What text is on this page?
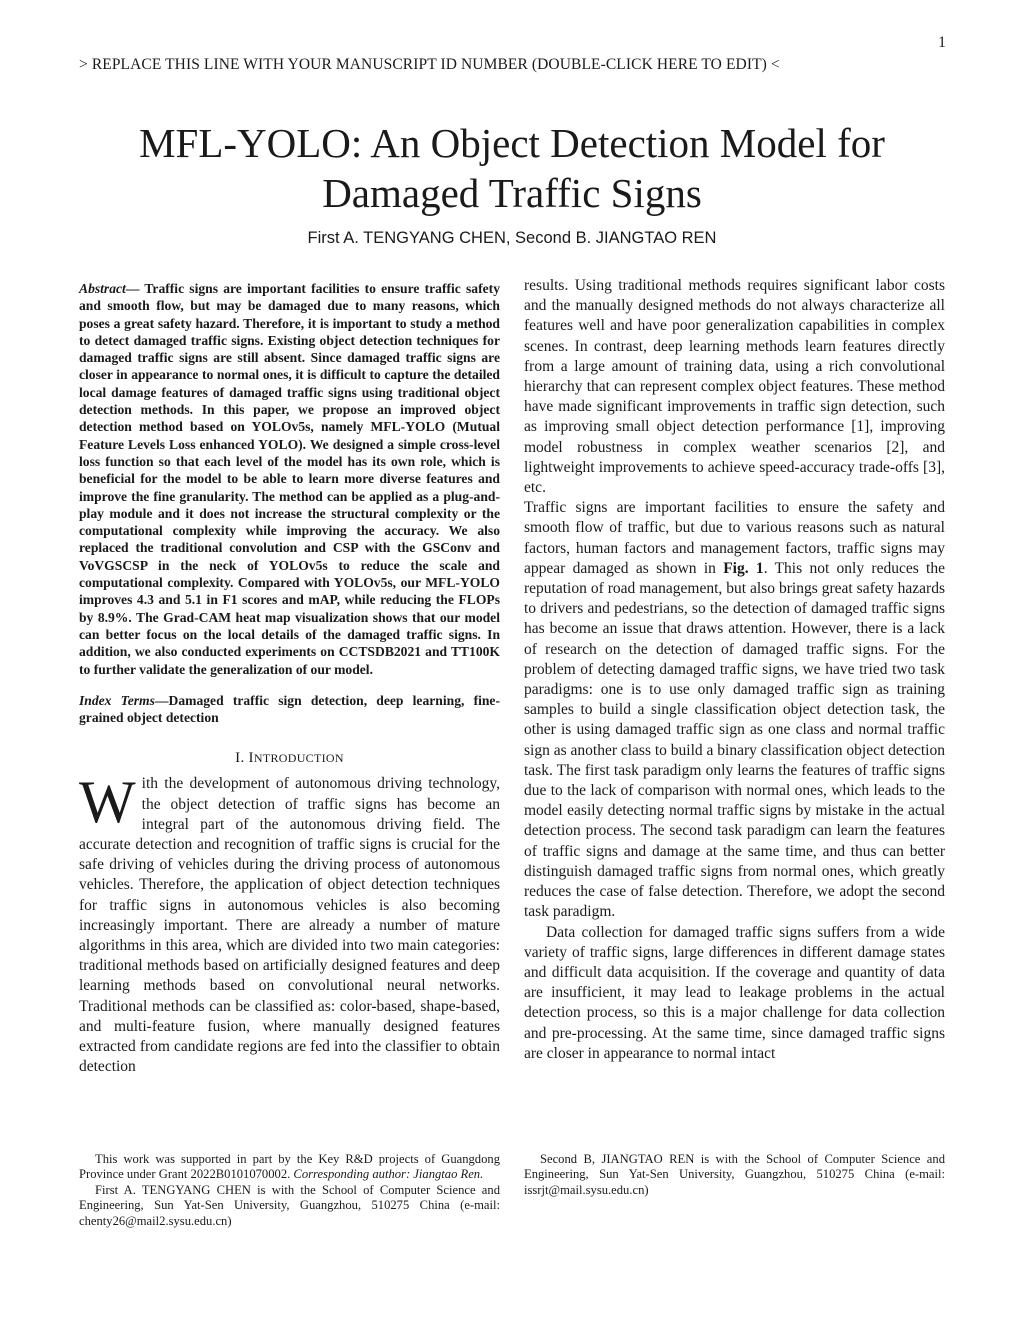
1
> REPLACE THIS LINE WITH YOUR MANUSCRIPT ID NUMBER (DOUBLE-CLICK HERE TO EDIT) <
MFL-YOLO: An Object Detection Model for
Damaged Traffic Signs
First A. TENGYANG CHEN, Second B. JIANGTAO REN

Abstract— Traffic signs are important facilities to ensure traffic safety and smooth flow, but may be damaged due to many reasons, which poses a great safety hazard. Therefore, it is important to study a method to detect damaged traffic signs. Existing object detection techniques for damaged traffic signs are still absent. Since damaged traffic signs are closer in appearance to normal ones, it is difficult to capture the detailed local damage features of damaged traffic signs using traditional object detection methods. In this paper, we propose an improved object detection method based on YOLOv5s, namely MFL-YOLO (Mutual Feature Levels Loss enhanced YOLO). We designed a simple cross-level loss function so that each level of the model has its own role, which is beneficial for the model to be able to learn more diverse features and improve the fine granularity. The method can be applied as a plug-and-play module and it does not increase the structural complexity or the computational complexity while improving the accuracy. We also replaced the traditional convolution and CSP with the GSConv and VoVGSCSP in the neck of YOLOv5s to reduce the scale and computational complexity. Compared with YOLOv5s, our MFL-YOLO improves 4.3 and 5.1 in F1 scores and mAP, while reducing the FLOPs by 8.9%. The Grad-CAM heat map visualization shows that our model can better focus on the local details of the damaged traffic signs. In addition, we also conducted experiments on CCTSDB2021 and TT100K to further validate the generalization of our model.

Index Terms—Damaged traffic sign detection, deep learning, fine-grained object detection

I. INTRODUCTION

With the development of autonomous driving technology, the object detection of traffic signs has become an integral part of the autonomous driving field. The accurate detection and recognition of traffic signs is crucial for the safe driving of vehicles during the driving process of autonomous vehicles. Therefore, the application of object detection techniques for traffic signs in autonomous vehicles is also becoming increasingly important. There are already a number of mature algorithms in this area, which are divided into two main categories: traditional methods based on artificially designed features and deep learning methods based on convolutional neural networks. Traditional methods can be classified as: color-based, shape-based, and multi-feature fusion, where manually designed features extracted from candidate regions are fed into the classifier to obtain detection

results. Using traditional methods requires significant labor costs and the manually designed methods do not always characterize all features well and have poor generalization capabilities in complex scenes. In contrast, deep learning methods learn features directly from a large amount of training data, using a rich convolutional hierarchy that can represent complex object features. These method have made significant improvements in traffic sign detection, such as improving small object detection performance [1], improving model robustness in complex weather scenarios [2], and lightweight improvements to achieve speed-accuracy trade-offs [3], etc.

Traffic signs are important facilities to ensure the safety and smooth flow of traffic, but due to various reasons such as natural factors, human factors and management factors, traffic signs may appear damaged as shown in Fig. 1. This not only reduces the reputation of road management, but also brings great safety hazards to drivers and pedestrians, so the detection of damaged traffic signs has become an issue that draws attention. However, there is a lack of research on the detection of damaged traffic signs. For the problem of detecting damaged traffic signs, we have tried two task paradigms: one is to use only damaged traffic sign as training samples to build a single classification object detection task, the other is using damaged traffic sign as one class and normal traffic sign as another class to build a binary classification object detection task. The first task paradigm only learns the features of traffic signs due to the lack of comparison with normal ones, which leads to the model easily detecting normal traffic signs by mistake in the actual detection process. The second task paradigm can learn the features of traffic signs and damage at the same time, and thus can better distinguish damaged traffic signs from normal ones, which greatly reduces the case of false detection. Therefore, we adopt the second task paradigm.

Data collection for damaged traffic signs suffers from a wide variety of traffic signs, large differences in different damage states and difficult data acquisition. If the coverage and quantity of data are insufficient, it may lead to leakage problems in the actual detection process, so this is a major challenge for data collection and pre-processing. At the same time, since damaged traffic signs are closer in appearance to normal intact

This work was supported in part by the Key R&D projects of Guangdong Province under Grant 2022B0101070002. Corresponding author: Jiangtao Ren.

First A. TENGYANG CHEN is with the School of Computer Science and Engineering, Sun Yat-Sen University, Guangzhou, 510275 China (e-mail: chenty26@mail2.sysu.edu.cn)

Second B, JIANGTAO REN is with the School of Computer Science and Engineering, Sun Yat-Sen University, Guangzhou, 510275 China (e-mail: issrjt@mail.sysu.edu.cn)
